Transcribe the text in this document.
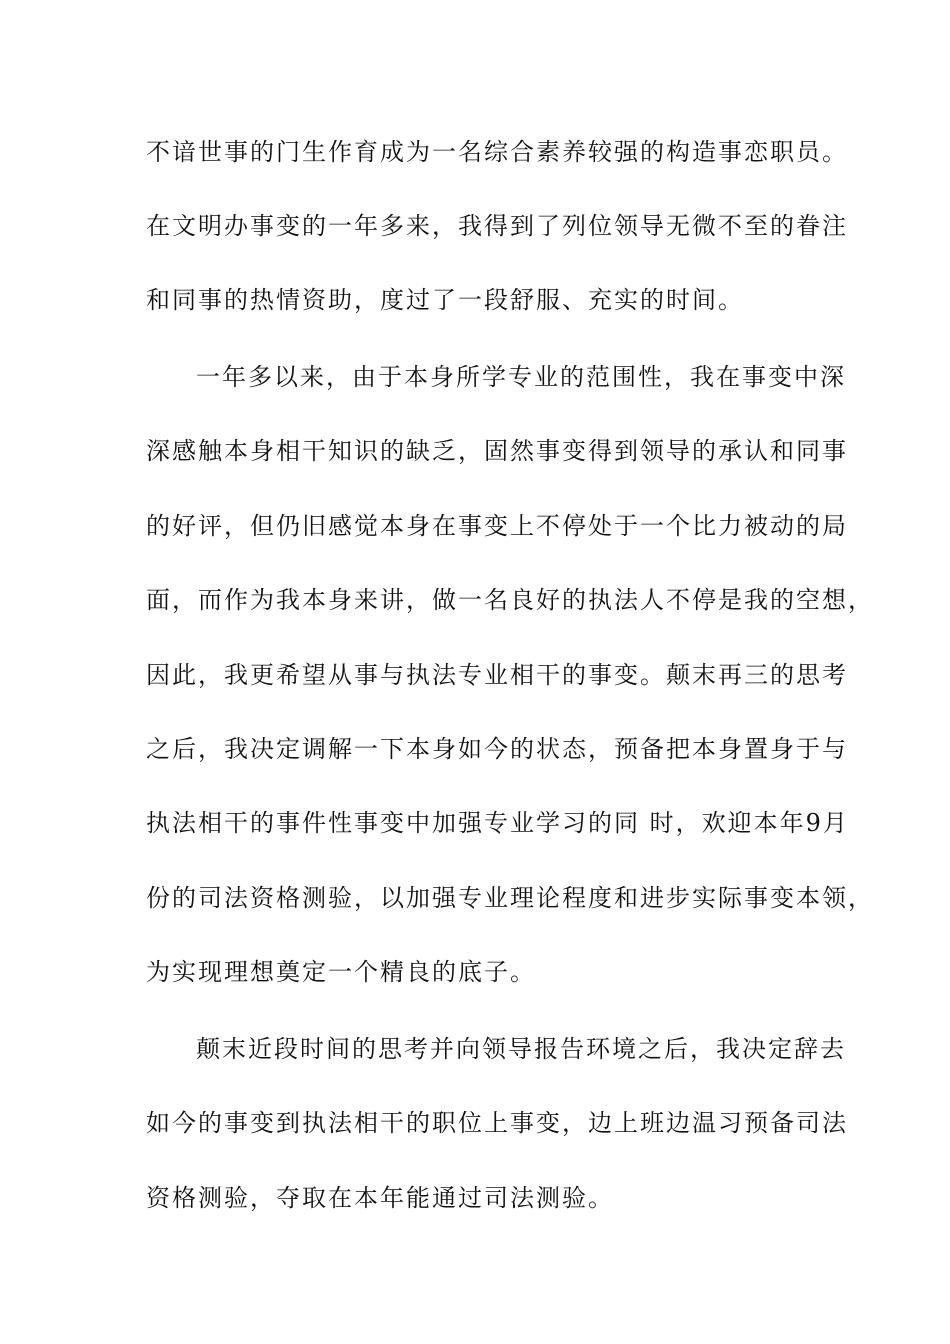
不谙世事的门生作育成为一名综合素养较强的构造事恋职员。
在文明办事变的一年多来，我得到了列位领导无微不至的眷注
和同事的热情资助，度过了一段舒服、充实的时间。
一年多以来，由于本身所学专业的范围性，我在事变中深
深感触本身相干知识的缺乏，固然事变得到领导的承认和同事
的好评，但仍旧感觉本身在事变上不停处于一个比力被动的局
面，而作为我本身来讲，做一名良好的执法人不停是我的空想，
因此，我更希望从事与执法专业相干的事变。颠末再三的思考
之后，我决定调解一下本身如今的状态，预备把本身置身于与
执法相干的事件性事变中加强专业学习的同 时，欢迎本年9月
份的司法资格测验，以加强专业理论程度和进步实际事变本领，
为实现理想奠定一个精良的底子。
颠末近段时间的思考并向领导报告环境之后，我决定辞去
如今的事变到执法相干的职位上事变，边上班边温习预备司法
资格测验，夺取在本年能通过司法测验。
